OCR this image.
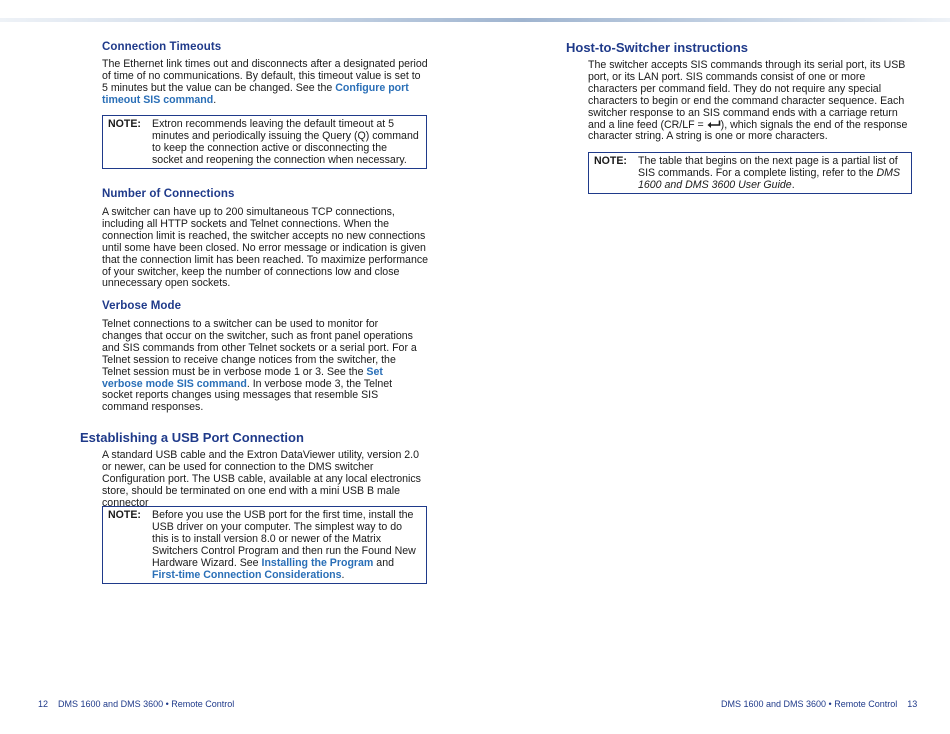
Connection Timeouts

The Ethernet link times out and disconnects after a designated period of time of no communications. By default, this timeout value is set to 5 minutes but the value can be changed. See the Configure port timeout SIS command.

NOTE:	Extron recommends leaving the default timeout at 5 minutes and periodically issuing the Query (Q) command to keep the connection active or disconnecting the socket and reopening the connection when necessary.
Number of Connections

A switcher can have up to 200 simultaneous TCP connections, including all HTTP sockets and Telnet connections. When the connection limit is reached, the switcher accepts no new connections until some have been closed. No error message or indication is given that the connection limit has been reached. To maximize performance of your switcher, keep the number of connections low and close unnecessary open sockets.

Verbose Mode

Telnet connections to a switcher can be used to monitor for changes that occur on the switcher, such as front panel operations and SIS commands from other Telnet sockets or a serial port. For a Telnet session to receive change notices from the switcher, the Telnet session must be in verbose mode 1 or 3. See the Set verbose mode SIS command. In verbose mode 3, the Telnet socket reports changes using messages that resemble SIS command responses.

Establishing a USB Port Connection

A standard USB cable and the Extron DataViewer utility, version 2.0 or newer, can be used for connection to the DMS switcher Configuration port. The USB cable, available at any local electronics store, should be terminated on one end with a mini USB B male connector

NOTE:	Before you use the USB port for the first time, install the USB driver on your computer. The simplest way to do this is to install version 8.0 or newer of the Matrix Switchers Control Program and then run the Found New Hardware Wizard. See Installing the Program and First-time Connection Considerations.
12 DMS 1600 and DMS 3600 • Remote Control
Host-to-Switcher instructions

The switcher accepts SIS commands through its serial port, its USB port, or its LAN port. SIS commands consist of one or more characters per command field. They do not require any special characters to begin or end the command character sequence. Each switcher response to an SIS command ends with a carriage return and a line feed (CR/LF = ), which signals the end of the response character string. A string is one or more characters.

NOTE:	The table that begins on the next page is a partial list of SIS commands. For a complete listing, refer to the DMS 1600 and DMS 3600 User Guide.
DMS 1600 and DMS 3600 • Remote Control 13
